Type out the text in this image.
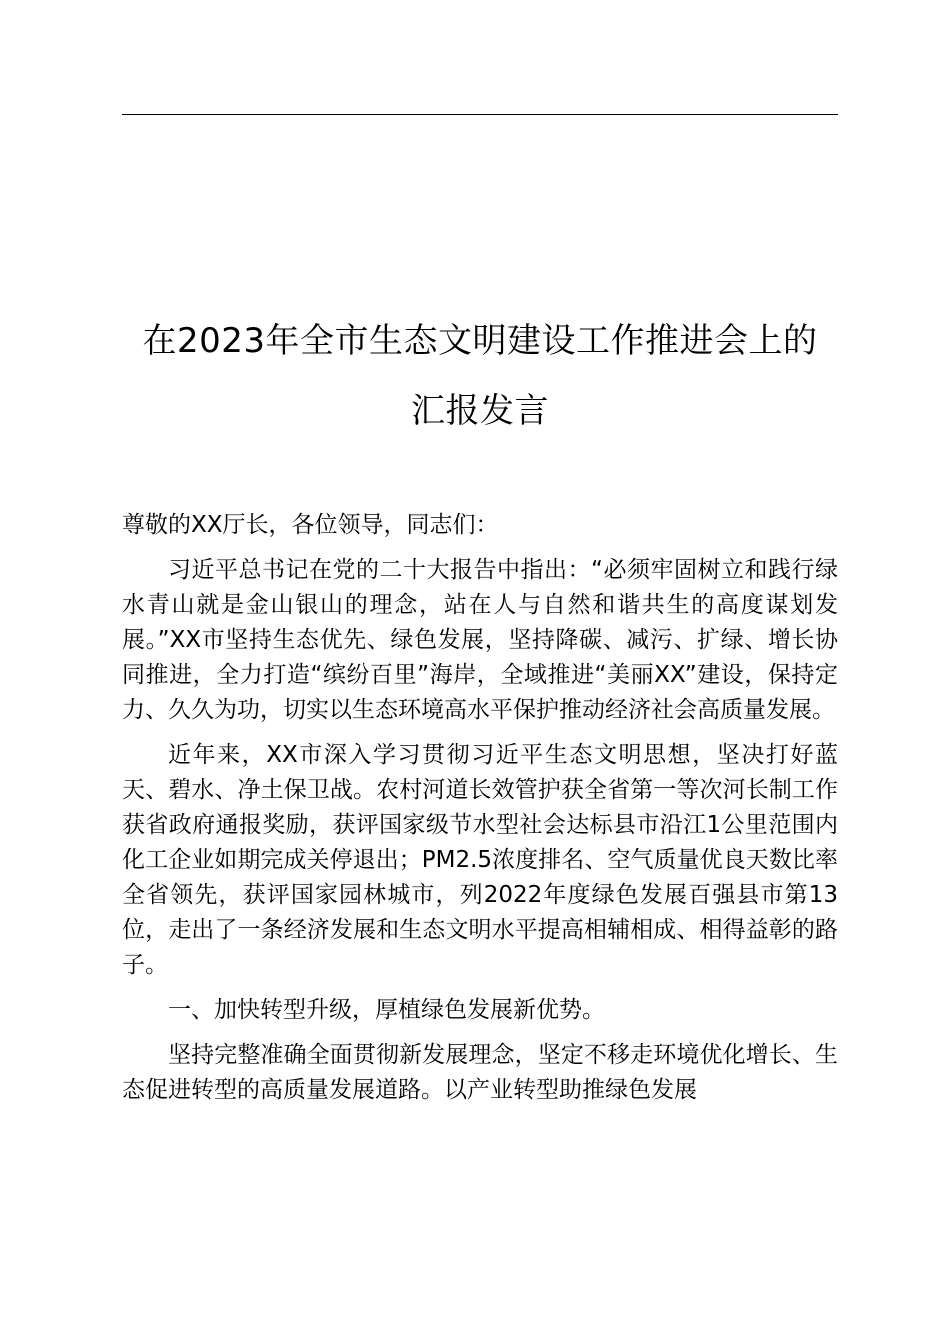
在2023年全市生态文明建设工作推进会上的
汇报发言

尊敬的XX厅长，各位领导，同志们：

习近平总书记在党的二十大报告中指出：“必须牢固树立和践行绿水青山就是金山银山的理念，站在人与自然和谐共生的高度谋划发展。”XX市坚持生态优先、绿色发展，坚持降碳、减污、扩绿、增长协同推进，全力打造“缤纷百里”海岸，全域推进“美丽XX”建设，保持定力、久久为功，切实以生态环境高水平保护推动经济社会高质量发展。

近年来，XX市深入学习贯彻习近平生态文明思想，坚决打好蓝天、碧水、净土保卫战。农村河道长效管护获全省第一等次河长制工作获省政府通报奖励，获评国家级节水型社会达标县市沿江1公里范围内化工企业如期完成关停退出；PM2.5浓度排名、空气质量优良天数比率全省领先，获评国家园林城市，列2022年度绿色发展百强县市第13位，走出了一条经济发展和生态文明水平提高相辅相成、相得益彰的路子。

一、加快转型升级，厚植绿色发展新优势。

坚持完整准确全面贯彻新发展理念，坚定不移走环境优化增长、生态促进转型的高质量发展道路。以产业转型助推绿色发展
